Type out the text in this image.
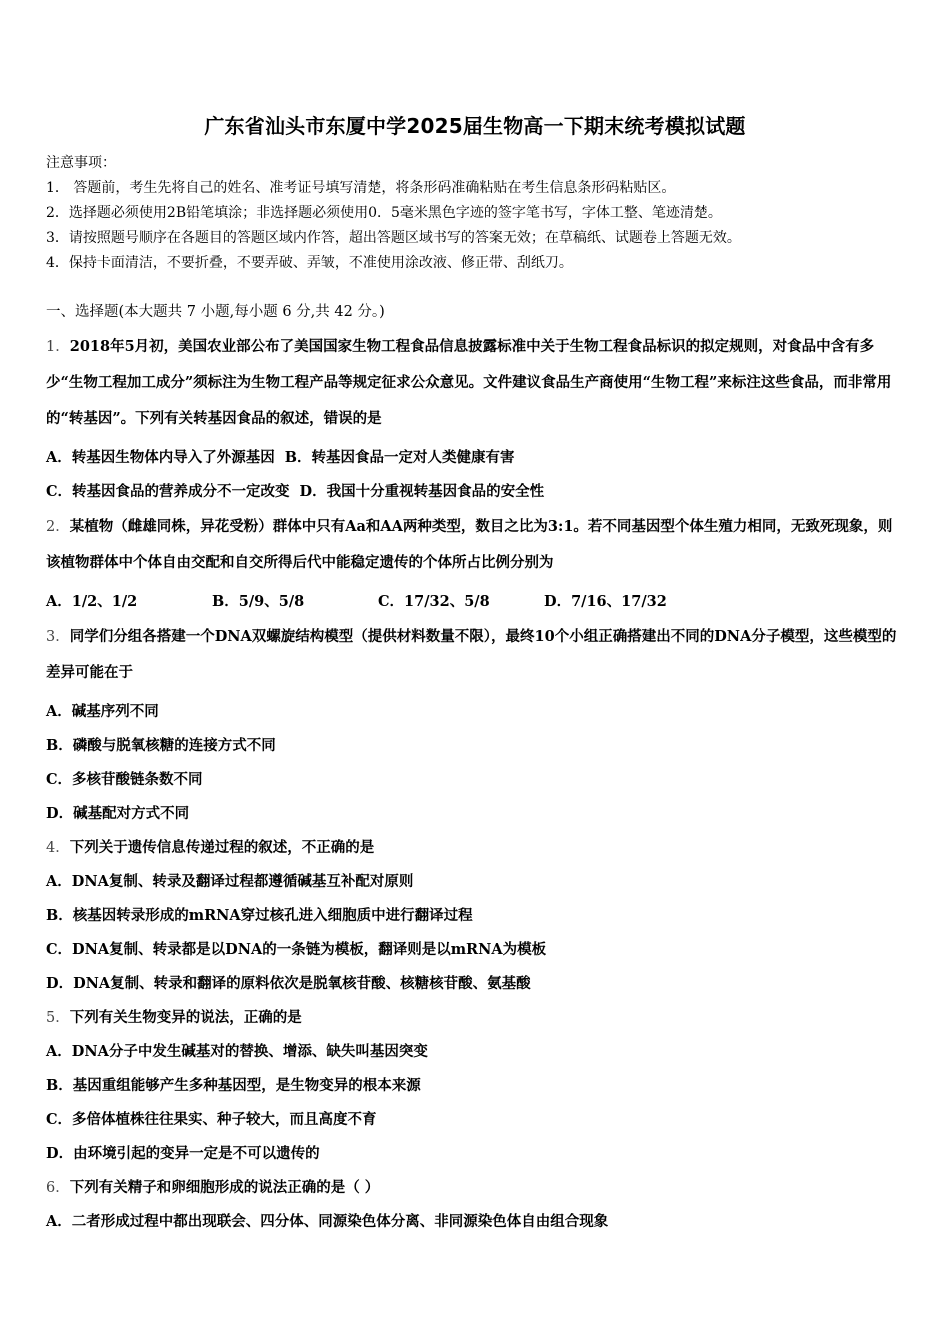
广东省汕头市东厦中学2025届生物高一下期末统考模拟试题
注意事项：
1． 答题前，考生先将自己的姓名、准考证号填写清楚，将条形码准确粘贴在考生信息条形码粘贴区。
2．选择题必须使用2B铅笔填涂；非选择题必须使用0．5毫米黑色字迹的签字笔书写，字体工整、笔迹清楚。
3．请按照题号顺序在各题目的答题区域内作答，超出答题区域书写的答案无效；在草稿纸、试题卷上答题无效。
4．保持卡面清洁，不要折叠，不要弄破、弄皱，不准使用涂改液、修正带、刮纸刀。
一、选择题(本大题共 7 小题,每小题 6 分,共 42 分。)
1．2018年5月初，美国农业部公布了美国国家生物工程食品信息披露标准中关于生物工程食品标识的拟定规则，对食品中含有多少“生物工程加工成分”须标注为生物工程产品等规定征求公众意见。文件建议食品生产商使用“生物工程”来标注这些食品，而非常用的“转基因”。下列有关转基因食品的叙述，错误的是
A．转基因生物体内导入了外源基因 B．转基因食品一定对人类健康有害
C．转基因食品的营养成分不一定改变 D．我国十分重视转基因食品的安全性
2．某植物（雌雄同株，异花受粉）群体中只有Aa和AA两种类型，数目之比为3:1。若不同基因型个体生殖力相同，无致死现象，则该植物群体中个体自由交配和自交所得后代中能稳定遗传的个体所占比例分别为
A．1/2、1/2	B．5/9、5/8	C．17/32、5/8	D．7/16、17/32
3．同学们分组各搭建一个DNA双螺旋结构模型（提供材料数量不限），最终10个小组正确搭建出不同的DNA分子模型，这些模型的差异可能在于
A．碱基序列不同
B．磷酸与脱氧核糖的连接方式不同
C．多核苷酸链条数不同
D．碱基配对方式不同
4．下列关于遗传信息传递过程的叙述，不正确的是
A．DNA复制、转录及翻译过程都遵循碱基互补配对原则
B．核基因转录形成的mRNA穿过核孔进入细胞质中进行翻译过程
C．DNA复制、转录都是以DNA的一条链为模板，翻译则是以mRNA为模板
D．DNA复制、转录和翻译的原料依次是脱氧核苷酸、核糖核苷酸、氨基酸
5．下列有关生物变异的说法，正确的是
A．DNA分子中发生碱基对的替换、增添、缺失叫基因突变
B．基因重组能够产生多种基因型，是生物变异的根本来源
C．多倍体植株往往果实、种子较大，而且高度不育
D．由环境引起的变异一定是不可以遗传的
6．下列有关精子和卵细胞形成的说法正确的是（ ）
A．二者形成过程中都出现联会、四分体、同源染色体分离、非同源染色体自由组合现象
